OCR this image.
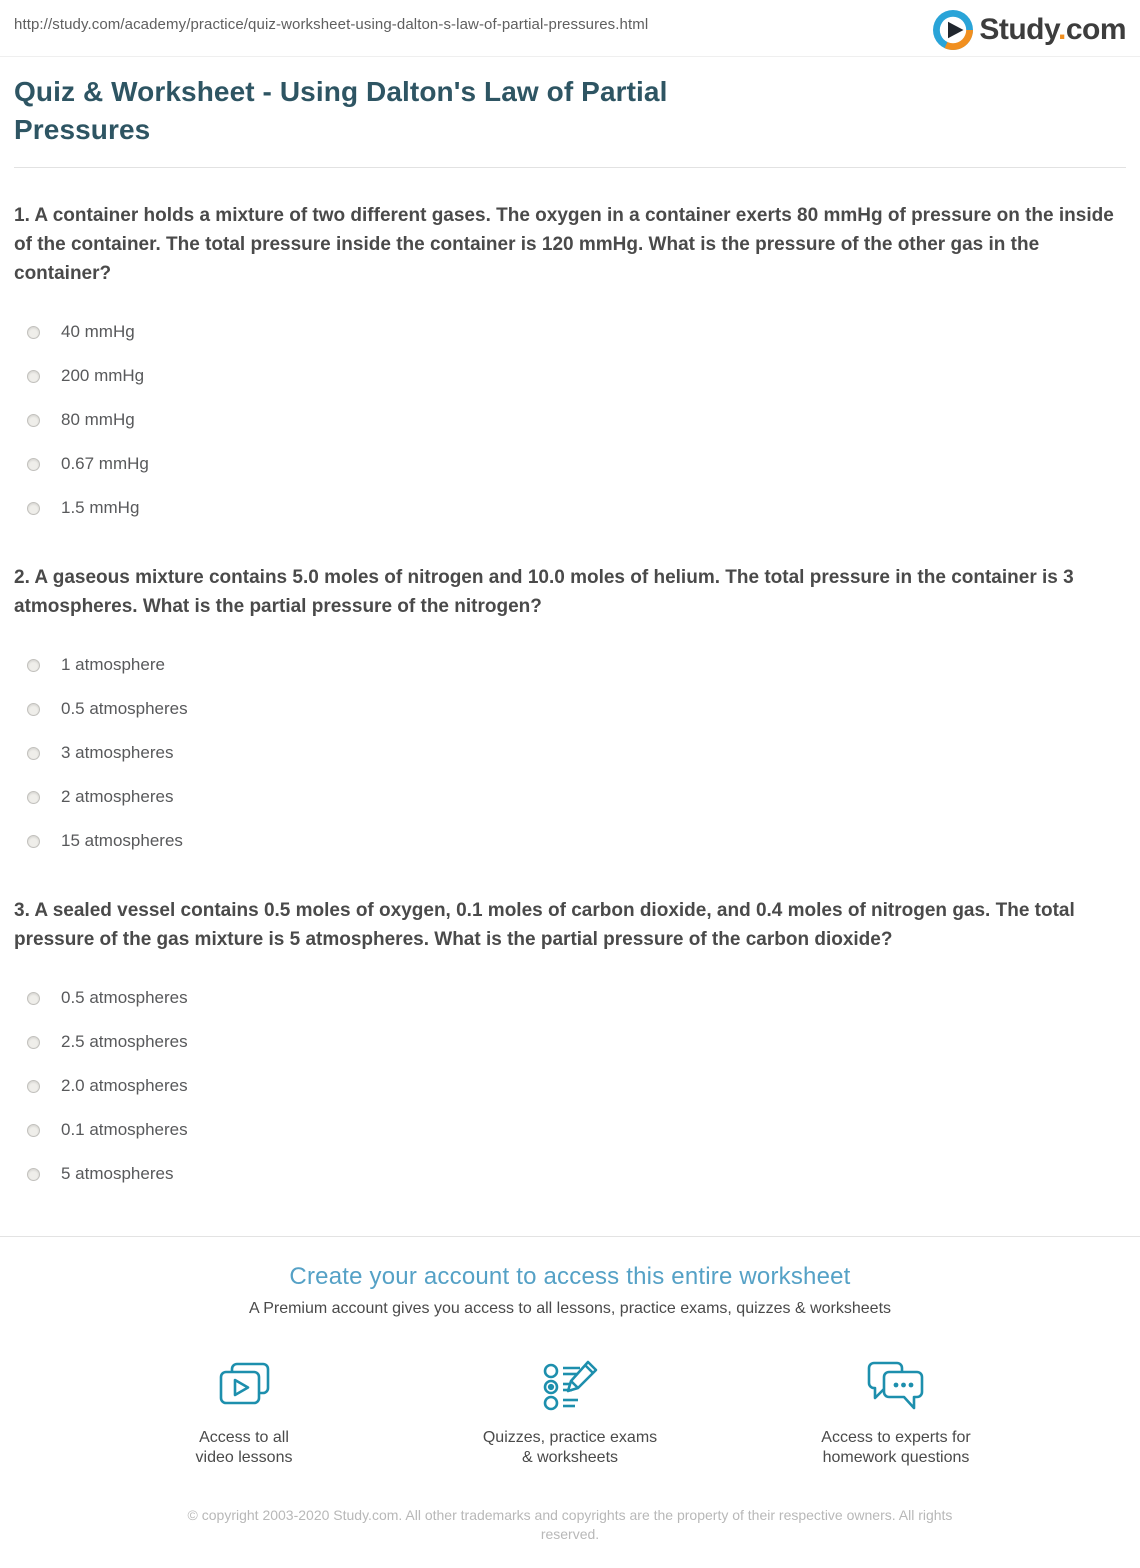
http://study.com/academy/practice/quiz-worksheet-using-dalton-s-law-of-partial-pressures.html	Study.com
Quiz & Worksheet - Using Dalton's Law of Partial Pressures

1. A container holds a mixture of two different gases. The oxygen in a container exerts 80 mmHg of pressure on the inside of the container. The total pressure inside the container is 120 mmHg. What is the pressure of the other gas in the container?

40 mmHg
200 mmHg
80 mmHg
0.67 mmHg
1.5 mmHg

2. A gaseous mixture contains 5.0 moles of nitrogen and 10.0 moles of helium. The total pressure in the container is 3 atmospheres. What is the partial pressure of the nitrogen?

1 atmosphere
0.5 atmospheres
3 atmospheres
2 atmospheres
15 atmospheres

3. A sealed vessel contains 0.5 moles of oxygen, 0.1 moles of carbon dioxide, and 0.4 moles of nitrogen gas. The total pressure of the gas mixture is 5 atmospheres. What is the partial pressure of the carbon dioxide?

0.5 atmospheres
2.5 atmospheres
2.0 atmospheres
0.1 atmospheres
5 atmospheres
Create your account to access this entire worksheet
A Premium account gives you access to all lessons, practice exams, quizzes & worksheets
Access to all
video lessons
Quizzes, practice exams
& worksheets
Access to experts for
homework questions
© copyright 2003-2020 Study.com. All other trademarks and copyrights are the property of their respective owners. All rights reserved.
